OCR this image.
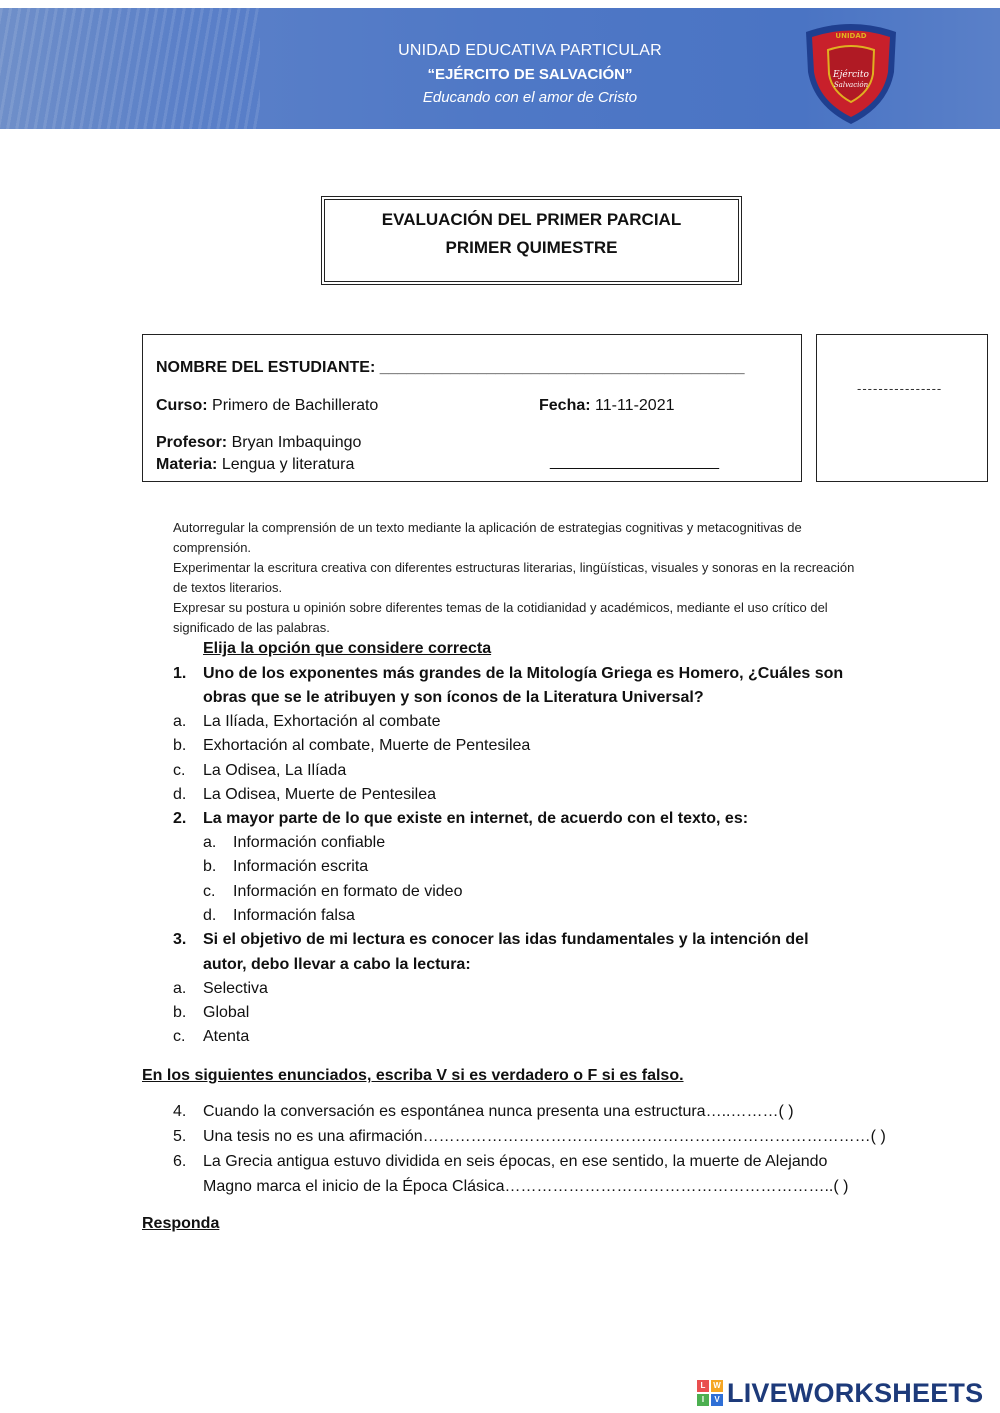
UNIDAD EDUCATIVA PARTICULAR
“EJÉRCITO DE SALVACIÓN”
Educando con el amor de Cristo
Ejército
Salvación
UNIDAD
EVALUACIÓN DEL PRIMER PARCIAL
PRIMER QUIMESTRE
NOMBRE DEL ESTUDIANTE: _________________________________________
Curso: Primero de Bachillerato	Fecha: 11-11-2021
Profesor: Bryan Imbaquingo
Materia: Lengua y literatura	___________________
----------------
Autorregular la comprensión de un texto mediante la aplicación de estrategias cognitivas y metacognitivas de comprensión.
Experimentar la escritura creativa con diferentes estructuras literarias, lingüísticas, visuales y sonoras en la recreación de textos literarios.
Expresar su postura u opinión sobre diferentes temas de la cotidianidad y académicos, mediante el uso crítico del significado de las palabras.
Elija la opción que considere correcta
1. Uno de los exponentes más grandes de la Mitología Griega es Homero, ¿Cuáles son
obras que se le atribuyen y son íconos de la Literatura Universal?
a. La Ilíada, Exhortación al combate
b. Exhortación al combate, Muerte de Pentesilea
c. La Odisea, La Ilíada
d. La Odisea, Muerte de Pentesilea
2. La mayor parte de lo que existe en internet, de acuerdo con el texto, es:
a. Información confiable
b. Información escrita
c. Información en formato de video
d. Información falsa
3. Si el objetivo de mi lectura es conocer las idas fundamentales y la intención del
autor, debo llevar a cabo la lectura:
a. Selectiva
b. Global
c. Atenta
En los siguientes enunciados, escriba V si es verdadero o F si es falso.
4. Cuando la conversación es espontánea nunca presenta una estructura…..………( )
5. Una tesis no es una afirmación…………………………………………………………………………( )
6. La Grecia antigua estuvo dividida en seis épocas, en ese sentido, la muerte de Alejando
Magno marca el inicio de la Época Clásica……………………………………………………..( )
Responda
L W
I	V LIVEWORKSHEETS
